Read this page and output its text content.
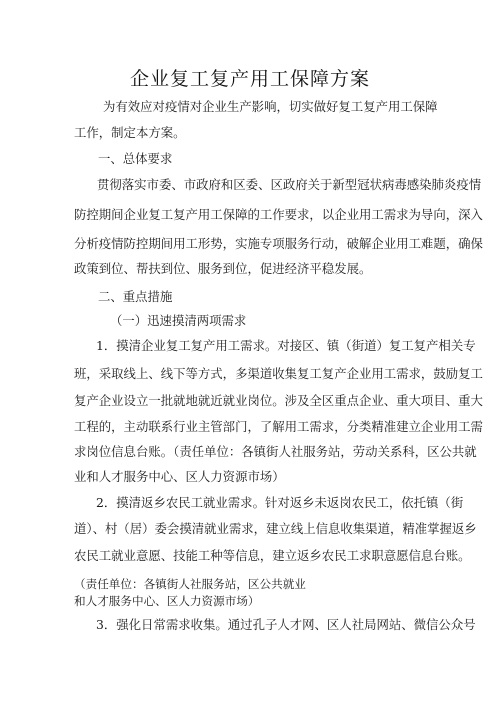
企业复工复产用工保障方案
为有效应对疫情对企业生产影响，切实做好复工复产用工保障
工作，制定本方案。
一、总体要求
贯彻落实市委、市政府和区委、区政府关于新型冠状病毒感染肺炎疫情
防控期间企业复工复产用工保障的工作要求，以企业用工需求为导向，深入
分析疫情防控期间用工形势，实施专项服务行动，破解企业用工难题，确保
政策到位、帮扶到位、服务到位，促进经济平稳发展。
二、重点措施
（一）迅速摸清两项需求
1．摸清企业复工复产用工需求。对接区、镇（街道）复工复产相关专
班，采取线上、线下等方式，多渠道收集复工复产企业用工需求，鼓励复工
复产企业设立一批就地就近就业岗位。涉及全区重点企业、重大项目、重大
工程的，主动联系行业主管部门，了解用工需求，分类精准建立企业用工需
求岗位信息台账。（责任单位：各镇街人社服务站，劳动关系科，区公共就
业和人才服务中心、区人力资源市场）
2．摸清返乡农民工就业需求。针对返乡未返岗农民工，依托镇（街
道）、村（居）委会摸清就业需求，建立线上信息收集渠道，精准掌握返乡
农民工就业意愿、技能工种等信息，建立返乡农民工求职意愿信息台账。
（责任单位：各镇街人社服务站，区公共就业
和人才服务中心、区人力资源市场）
3．强化日常需求收集。通过孔子人才网、区人社局网站、微信公众号
